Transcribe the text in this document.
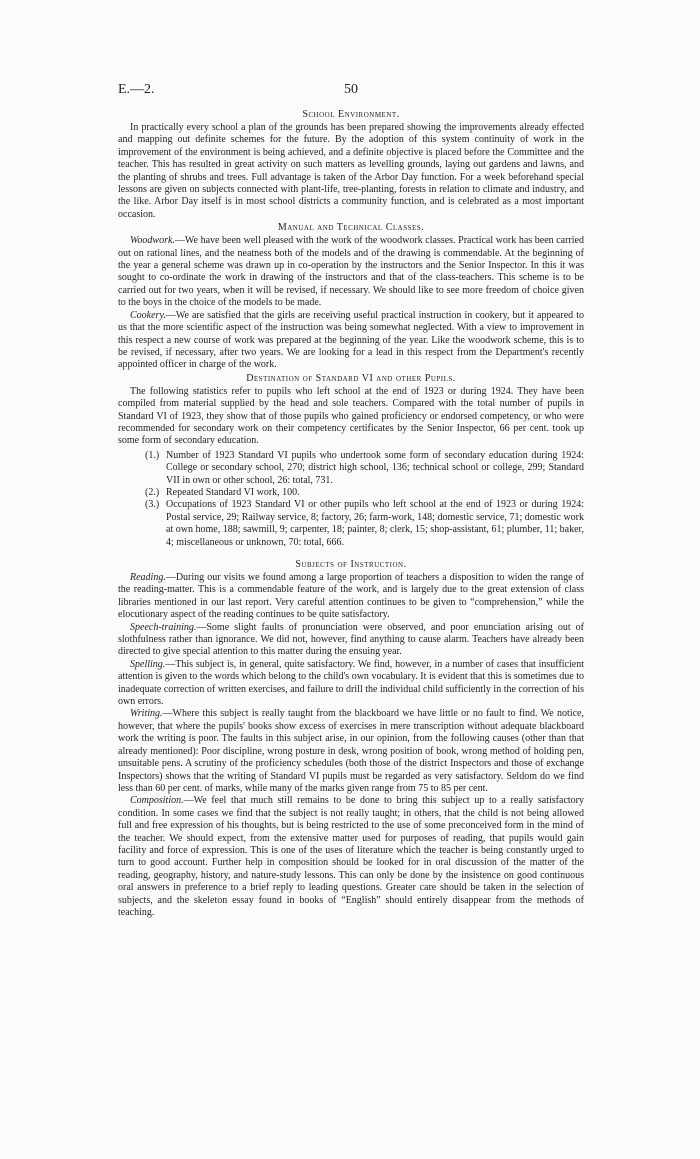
E.—2.	50
School Environment.

In practically every school a plan of the grounds has been prepared showing the improvements already effected and mapping out definite schemes for the future. By the adoption of this system continuity of work in the improvement of the environment is being achieved, and a definite objective is placed before the Committee and the teacher. This has resulted in great activity on such matters as levelling grounds, laying out gardens and lawns, and the planting of shrubs and trees. Full advantage is taken of the Arbor Day function. For a week beforehand special lessons are given on subjects connected with plant-life, tree-planting, forests in relation to climate and industry, and the like. Arbor Day itself is in most school districts a community function, and is celebrated as a most important occasion.

Manual and Technical Classes.

Woodwork.—We have been well pleased with the work of the woodwork classes. Practical work has been carried out on rational lines, and the neatness both of the models and of the drawing is commendable. At the beginning of the year a general scheme was drawn up in co-operation by the instructors and the Senior Inspector. In this it was sought to co-ordinate the work in drawing of the instructors and that of the class-teachers. This scheme is to be carried out for two years, when it will be revised, if necessary. We should like to see more freedom of choice given to the boys in the choice of the models to be made.

Cookery.—We are satisfied that the girls are receiving useful practical instruction in cookery, but it appeared to us that the more scientific aspect of the instruction was being somewhat neglected. With a view to improvement in this respect a new course of work was prepared at the beginning of the year. Like the woodwork scheme, this is to be revised, if necessary, after two years. We are looking for a lead in this respect from the Department's recently appointed officer in charge of the work.

Destination of Standard VI and other Pupils.

The following statistics refer to pupils who left school at the end of 1923 or during 1924. They have been compiled from material supplied by the head and sole teachers. Compared with the total number of pupils in Standard VI of 1923, they show that of those pupils who gained proficiency or endorsed competency, or who were recommended for secondary work on their competency certificates by the Senior Inspector, 66 per cent. took up some form of secondary education.

(1.) Number of 1923 Standard VI pupils who undertook some form of secondary education during 1924: College or secondary school, 270; district high school, 136; technical school or college, 299; Standard VII in own or other school, 26: total, 731.
(2.) Repeated Standard VI work, 100.
(3.) Occupations of 1923 Standard VI or other pupils who left school at the end of 1923 or during 1924: Postal service, 29; Railway service, 8; factory, 26; farm-work, 148; domestic service, 71; domestic work at own home, 188; sawmill, 9; carpenter, 18; painter, 8; clerk, 15; shop-assistant, 61; plumber, 11; baker, 4; miscellaneous or unknown, 70: total, 666.
Subjects of Instruction.

Reading.—During our visits we found among a large proportion of teachers a disposition to widen the range of the reading-matter. This is a commendable feature of the work, and is largely due to the great extension of class libraries mentioned in our last report. Very careful attention continues to be given to “comprehension,” while the elocutionary aspect of the reading continues to be quite satisfactory.

Speech-training.—Some slight faults of pronunciation were observed, and poor enunciation arising out of slothfulness rather than ignorance. We did not, however, find anything to cause alarm. Teachers have already been directed to give special attention to this matter during the ensuing year.

Spelling.—This subject is, in general, quite satisfactory. We find, however, in a number of cases that insufficient attention is given to the words which belong to the child's own vocabulary. It is evident that this is sometimes due to inadequate correction of written exercises, and failure to drill the individual child sufficiently in the correction of his own errors.

Writing.—Where this subject is really taught from the blackboard we have little or no fault to find. We notice, however, that where the pupils' books show excess of exercises in mere transcription without adequate blackboard work the writing is poor. The faults in this subject arise, in our opinion, from the following causes (other than that already mentioned): Poor discipline, wrong posture in desk, wrong position of book, wrong method of holding pen, unsuitable pens. A scrutiny of the proficiency schedules (both those of the district Inspectors and those of exchange Inspectors) shows that the writing of Standard VI pupils must be regarded as very satisfactory. Seldom do we find less than 60 per cent. of marks, while many of the marks given range from 75 to 85 per cent.

Composition.—We feel that much still remains to be done to bring this subject up to a really satisfactory condition. In some cases we find that the subject is not really taught; in others, that the child is not being allowed full and free expression of his thoughts, but is being restricted to the use of some preconceived form in the mind of the teacher. We should expect, from the extensive matter used for purposes of reading, that pupils would gain facility and force of expression. This is one of the uses of literature which the teacher is being constantly urged to turn to good account. Further help in composition should be looked for in oral discussion of the matter of the reading, geography, history, and nature-study lessons. This can only be done by the insistence on good continuous oral answers in preference to a brief reply to leading questions. Greater care should be taken in the selection of subjects, and the skeleton essay found in books of “English” should entirely disappear from the methods of teaching.
